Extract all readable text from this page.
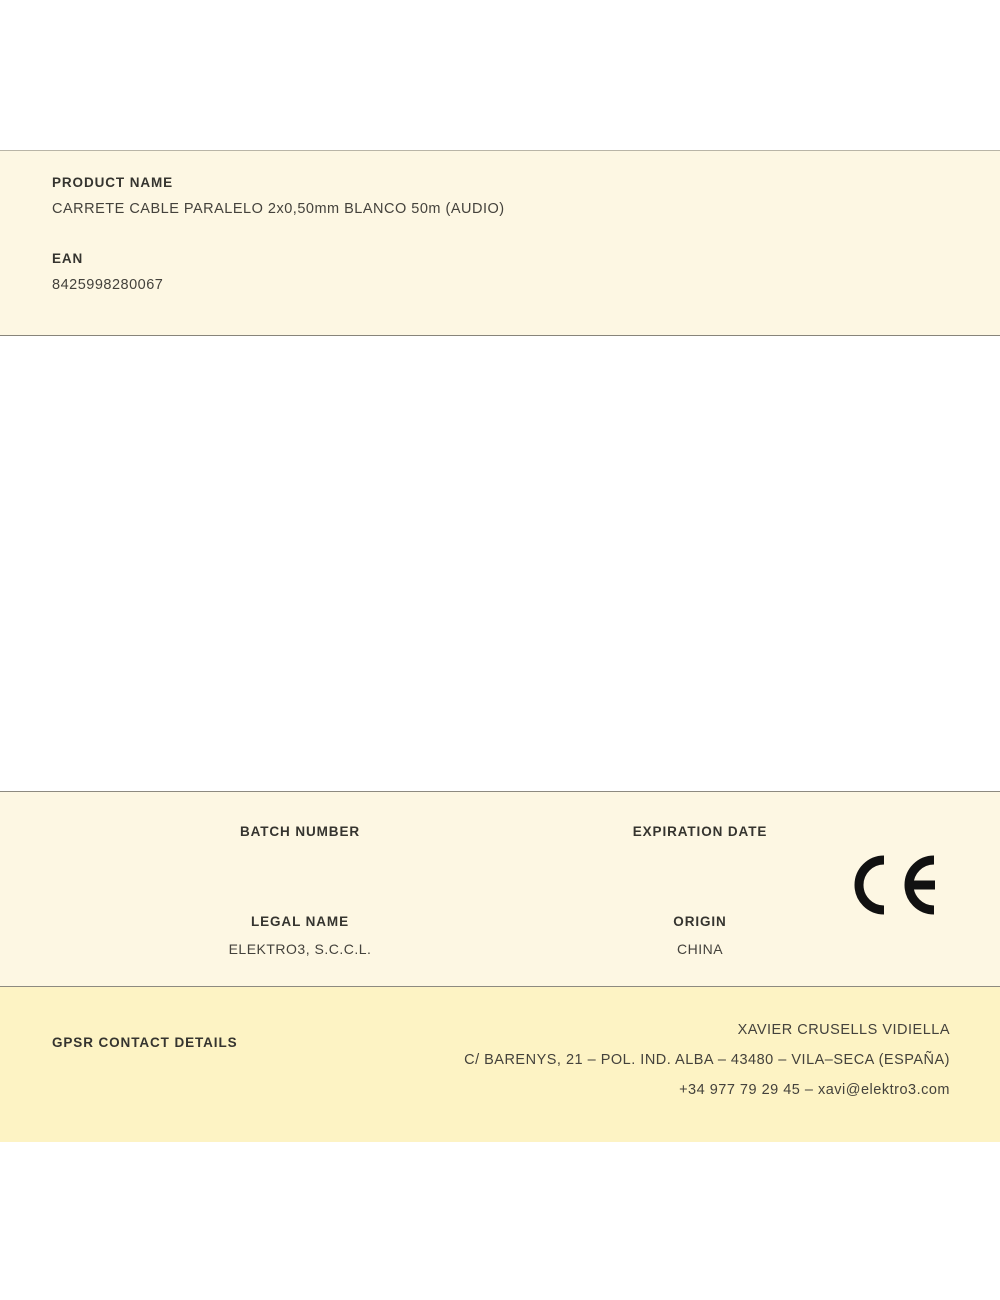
PRODUCT NAME
CARRETE CABLE PARALELO 2x0,50mm BLANCO 50m (AUDIO)
EAN
8425998280067
BATCH NUMBER	EXPIRATION DATE
LEGAL NAME
ELEKTRO3, S.C.C.L.
ORIGIN
CHINA
GPSR CONTACT DETAILS
XAVIER CRUSELLS VIDIELLA
C/ BARENYS, 21 – POL. IND. ALBA – 43480 – VILA–SECA (ESPAÑA)
+34 977 79 29 45 – xavi@elektro3.com
